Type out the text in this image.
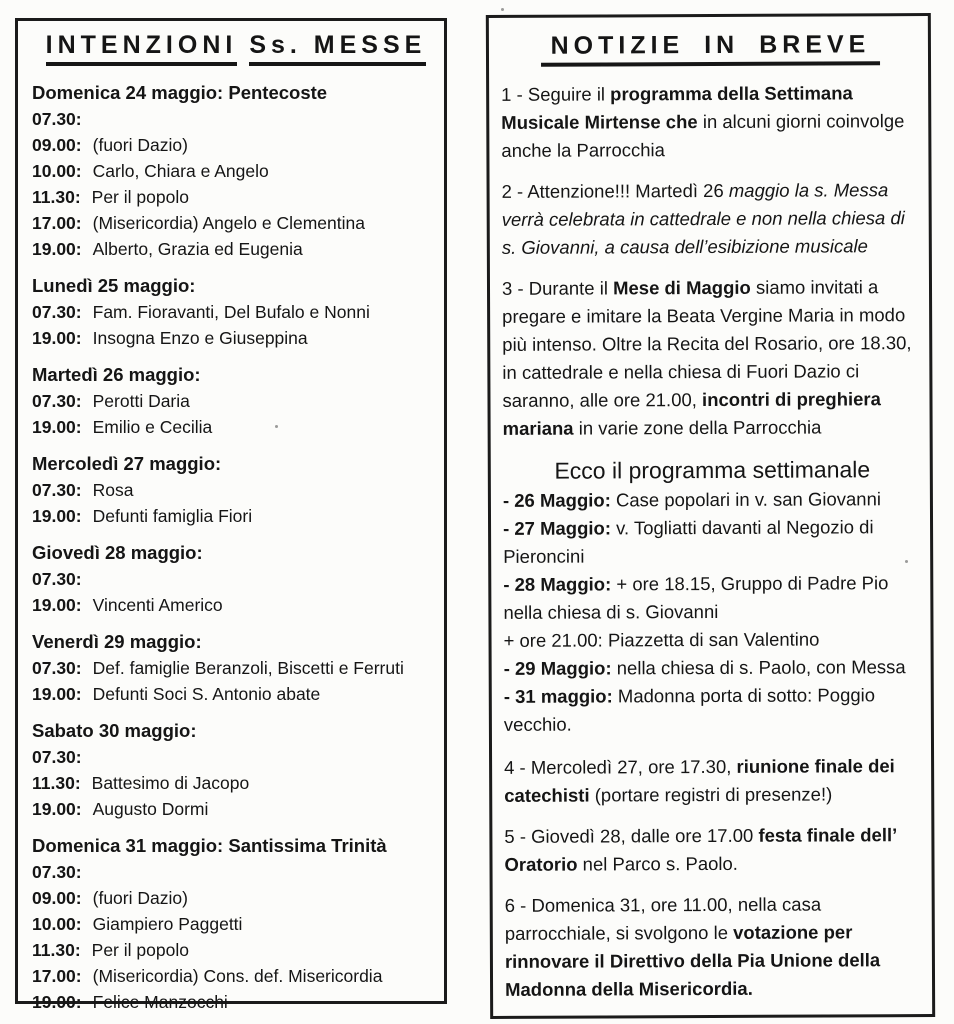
INTENZIONI Ss. MESSE
Domenica 24 maggio: Pentecoste
07.30:
09.00: (fuori Dazio)
10.00: Carlo, Chiara e Angelo
11.30: Per il popolo
17.00: (Misericordia) Angelo e Clementina
19.00: Alberto, Grazia ed Eugenia
Lunedì 25 maggio:
07.30: Fam. Fioravanti, Del Bufalo e Nonni
19.00: Insogna Enzo e Giuseppina
Martedì 26 maggio:
07.30: Perotti Daria
19.00: Emilio e Cecilia
Mercoledì 27 maggio:
07.30: Rosa
19.00: Defunti famiglia Fiori
Giovedì 28 maggio:
07.30:
19.00: Vincenti Americo
Venerdì 29 maggio:
07.30: Def. famiglie Beranzoli, Biscetti e Ferruti
19.00: Defunti Soci S. Antonio abate
Sabato 30 maggio:
07.30:
11.30: Battesimo di Jacopo
19.00: Augusto Dormi
Domenica 31 maggio: Santissima Trinità
07.30:
09.00: (fuori Dazio)
10.00: Giampiero Paggetti
11.30: Per il popolo
17.00: (Misericordia) Cons. def. Misericordia
19.00: Felice Manzocchi
NOTIZIE IN BREVE
1 - Seguire il programma della Settimana Musicale Mirtense che in alcuni giorni coinvolge anche la Parrocchia
2 - Attenzione!!! Martedì 26 maggio la s. Messa verrà celebrata in cattedrale e non nella chiesa di s. Giovanni, a causa dell’esibizione musicale
3 - Durante il Mese di Maggio siamo invitati a pregare e imitare la Beata Vergine Maria in modo più intenso. Oltre la Recita del Rosario, ore 18.30, in cattedrale e nella chiesa di Fuori Dazio ci saranno, alle ore 21.00, incontri di preghiera mariana in varie zone della Parrocchia
Ecco il programma settimanale
- 26 Maggio: Case popolari in v. san Giovanni
- 27 Maggio: v. Togliatti davanti al Negozio di Pieroncini
- 28 Maggio: + ore 18.15, Gruppo di Padre Pio nella chiesa di s. Giovanni
+ ore 21.00: Piazzetta di san Valentino
- 29 Maggio: nella chiesa di s. Paolo, con Messa
- 31 maggio: Madonna porta di sotto: Poggio vecchio.
4 - Mercoledì 27, ore 17.30, riunione finale dei catechisti (portare registri di presenze!)
5 - Giovedì 28, dalle ore 17.00 festa finale dell’ Oratorio nel Parco s. Paolo.
6 - Domenica 31, ore 11.00, nella casa parrocchiale, si svolgono le votazione per rinnovare il Direttivo della Pia Unione della Madonna della Misericordia.
